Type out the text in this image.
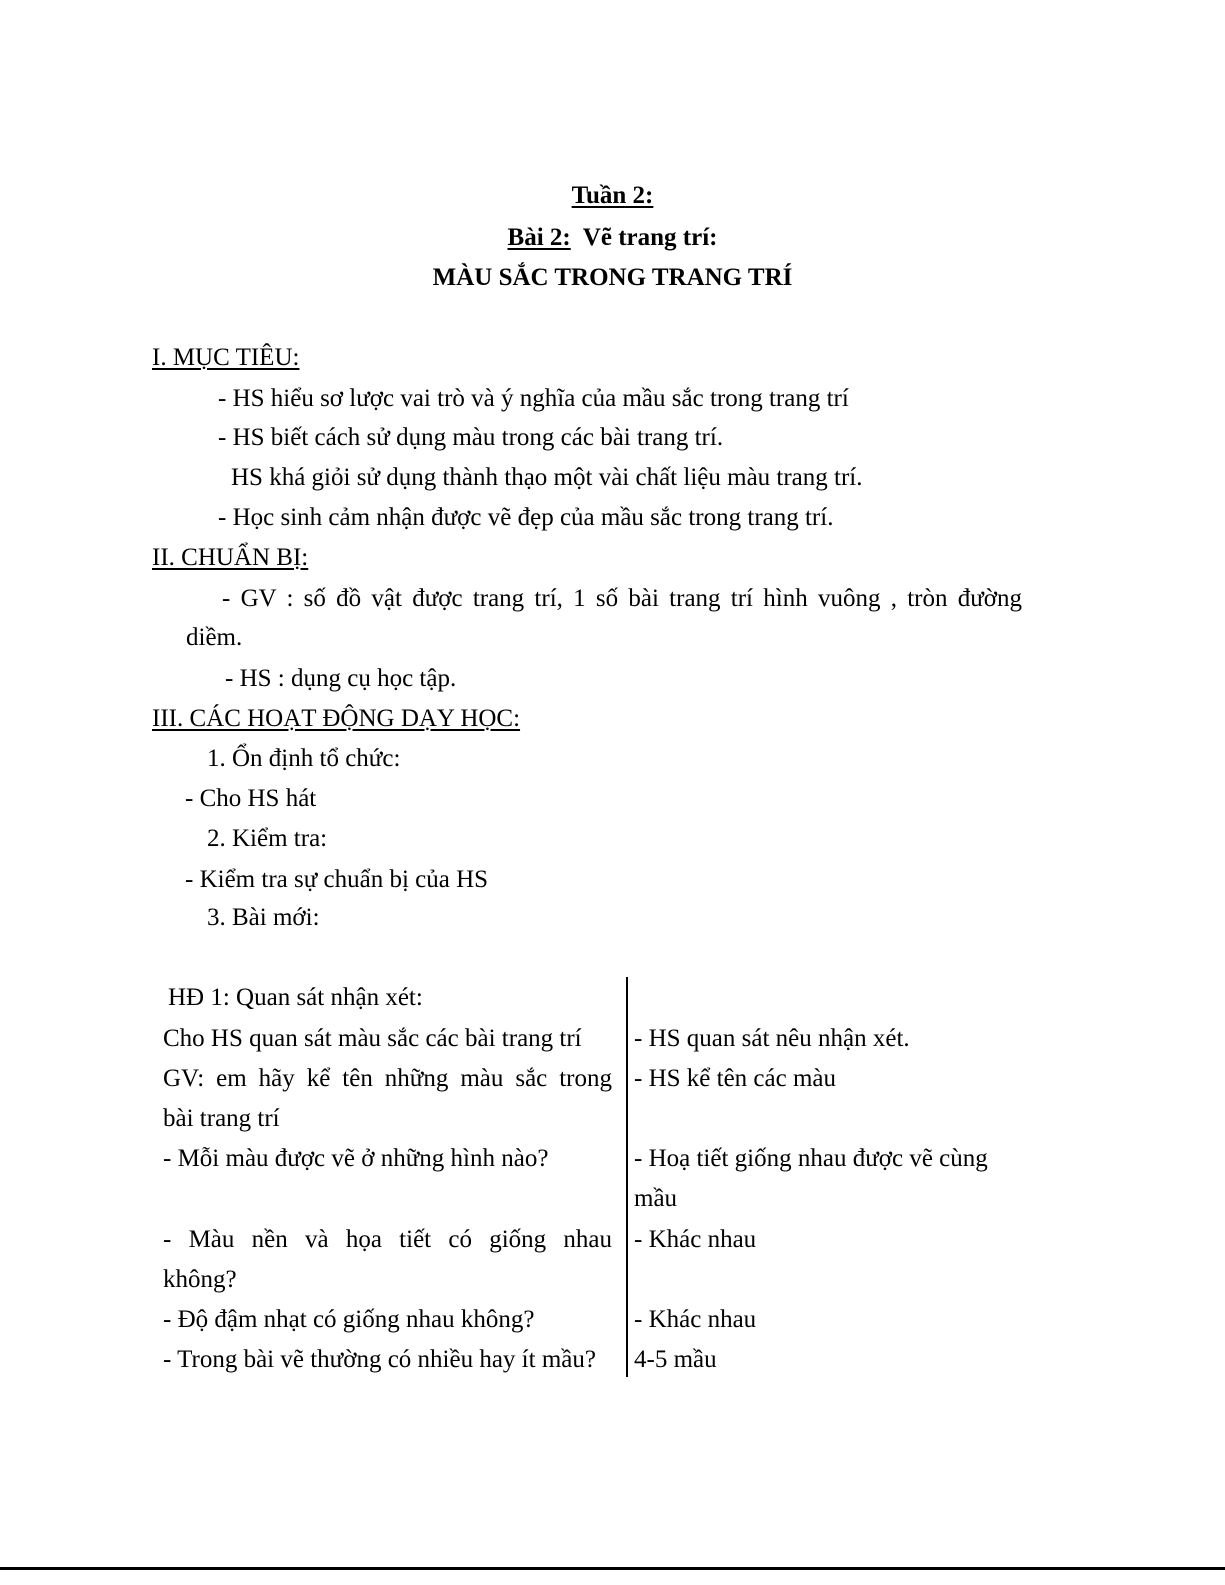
Tuần 2:
Bài 2: Vẽ trang trí:
MÀU SẮC TRONG TRANG TRÍ
I. MỤC TIÊU:
- HS hiểu sơ lược vai trò và ý nghĩa của mầu sắc trong trang trí
- HS biết cách sử dụng màu trong các bài trang trí.
HS khá giỏi sử dụng thành thạo một vài chất liệu màu trang trí.
- Học sinh cảm nhận được vẽ đẹp của mầu sắc trong trang trí.
II. CHUẨN BỊ:
- GV : số đồ vật được trang trí, 1 số bài trang trí hình vuông , tròn đường
diềm.
- HS : dụng cụ học tập.
III. CÁC HOẠT ĐỘNG DẠY HỌC:
1. Ổn định tổ chức:
- Cho HS hát
2. Kiểm tra:
- Kiểm tra sự chuẩn bị của HS
3. Bài mới:
HĐ 1: Quan sát nhận xét:
Cho HS quan sát màu sắc các bài trang trí
GV: em hãy kể tên những màu sắc trong
bài trang trí
- Mỗi màu được vẽ ở những hình nào?
- Màu nền và họa tiết có giống nhau
không?
- Độ đậm nhạt có giống nhau không?
- Trong bài vẽ thường có nhiều hay ít mầu?
- HS quan sát nêu nhận xét.
- HS kể tên các màu
- Hoạ tiết giống nhau được vẽ cùng
mầu
- Khác nhau
- Khác nhau
4-5 mầu
